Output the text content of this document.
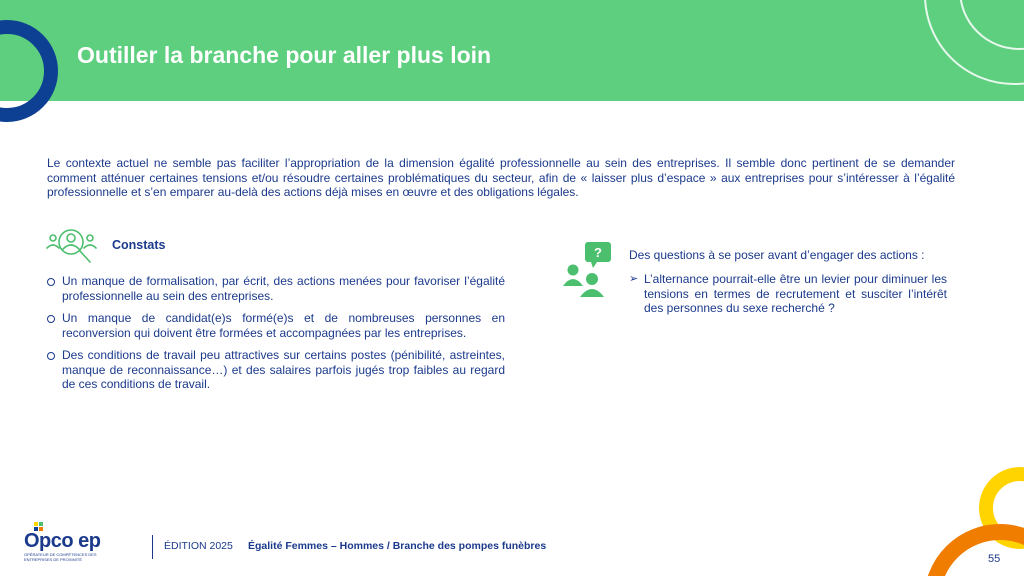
Outiller la branche pour aller plus loin

Le contexte actuel ne semble pas faciliter l’appropriation de la dimension égalité professionnelle au sein des entreprises. Il semble donc pertinent de se demander comment atténuer certaines tensions et/ou résoudre certaines problématiques du secteur, afin de « laisser plus d’espace » aux entreprises pour s’intéresser à l’égalité professionnelle et s’en emparer au-delà des actions déjà mises en œuvre et des obligations légales.

Constats

Un manque de formalisation, par écrit, des actions menées pour favoriser l’égalité professionnelle au sein des entreprises.
Un manque de candidat(e)s formé(e)s et de nombreuses personnes en reconversion qui doivent être formées et accompagnées par les entreprises.
Des conditions de travail peu attractives sur certains postes (pénibilité, astreintes, manque de reconnaissance…) et des salaires parfois jugés trop faibles au regard de ces conditions de travail.
? Des questions à se poser avant d’engager des actions :

➢ L’alternance pourrait-elle être un levier pour diminuer les tensions en termes de recrutement et susciter l’intérêt des personnes du sexe recherché ?

Opco ep

OPÉRATEUR DE COMPÉTENCES DES ENTREPRISES DE PROXIMITÉ

ÉDITION 2025 Égalité Femmes – Hommes / Branche des pompes funèbres

55
